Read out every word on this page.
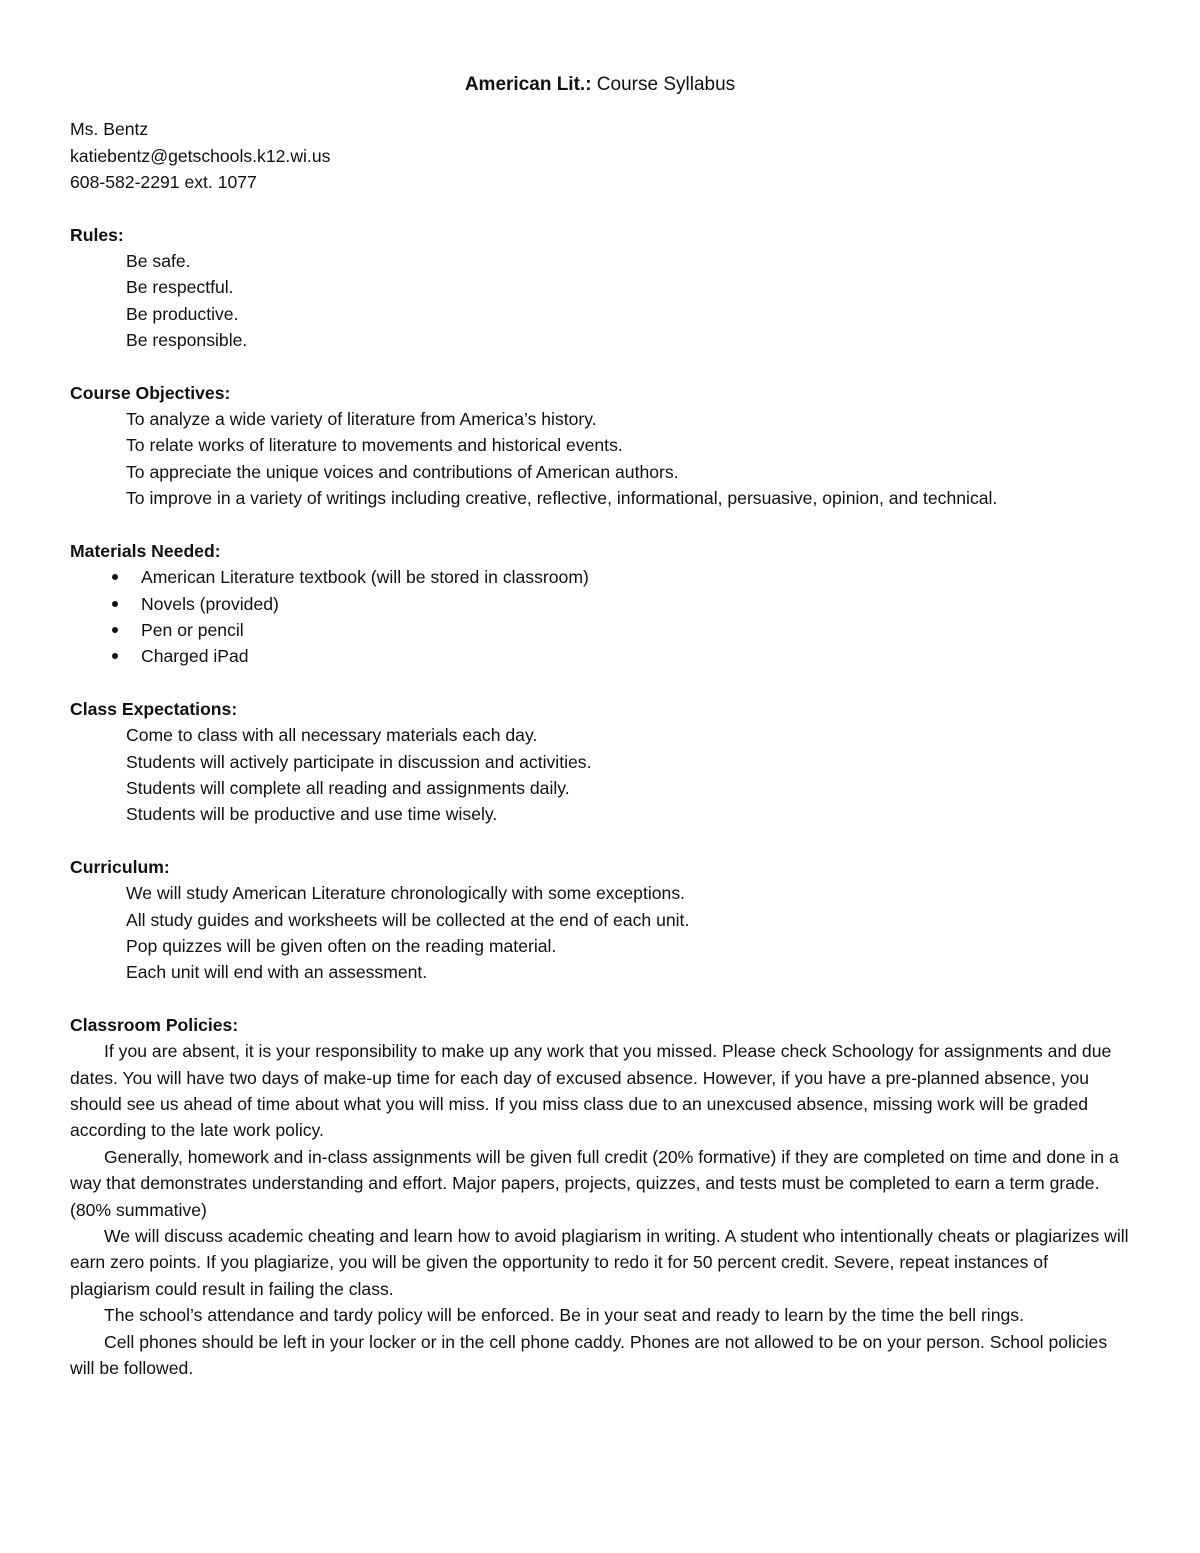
American Lit.: Course Syllabus
Ms. Bentz
katiebentz@getschools.k12.wi.us
608-582-2291 ext. 1077
Rules:
Be safe.
Be respectful.
Be productive.
Be responsible.
Course Objectives:
To analyze a wide variety of literature from America’s history.
To relate works of literature to movements and historical events.
To appreciate the unique voices and contributions of American authors.
To improve in a variety of writings including creative, reflective, informational, persuasive, opinion, and technical.
Materials Needed:
American Literature textbook (will be stored in classroom)
Novels (provided)
Pen or pencil
Charged iPad
Class Expectations:
Come to class with all necessary materials each day.
Students will actively participate in discussion and activities.
Students will complete all reading and assignments daily.
Students will be productive and use time wisely.
Curriculum:
We will study American Literature chronologically with some exceptions.
All study guides and worksheets will be collected at the end of each unit.
Pop quizzes will be given often on the reading material.
Each unit will end with an assessment.
Classroom Policies:

If you are absent, it is your responsibility to make up any work that you missed. Please check Schoology for assignments and due dates. You will have two days of make-up time for each day of excused absence. However, if you have a pre-planned absence, you should see us ahead of time about what you will miss. If you miss class due to an unexcused absence, missing work will be graded according to the late work policy.

Generally, homework and in-class assignments will be given full credit (20% formative) if they are completed on time and done in a way that demonstrates understanding and effort. Major papers, projects, quizzes, and tests must be completed to earn a term grade. (80% summative)

We will discuss academic cheating and learn how to avoid plagiarism in writing. A student who intentionally cheats or plagiarizes will earn zero points. If you plagiarize, you will be given the opportunity to redo it for 50 percent credit. Severe, repeat instances of plagiarism could result in failing the class.

The school’s attendance and tardy policy will be enforced. Be in your seat and ready to learn by the time the bell rings.

Cell phones should be left in your locker or in the cell phone caddy. Phones are not allowed to be on your person. School policies will be followed.
